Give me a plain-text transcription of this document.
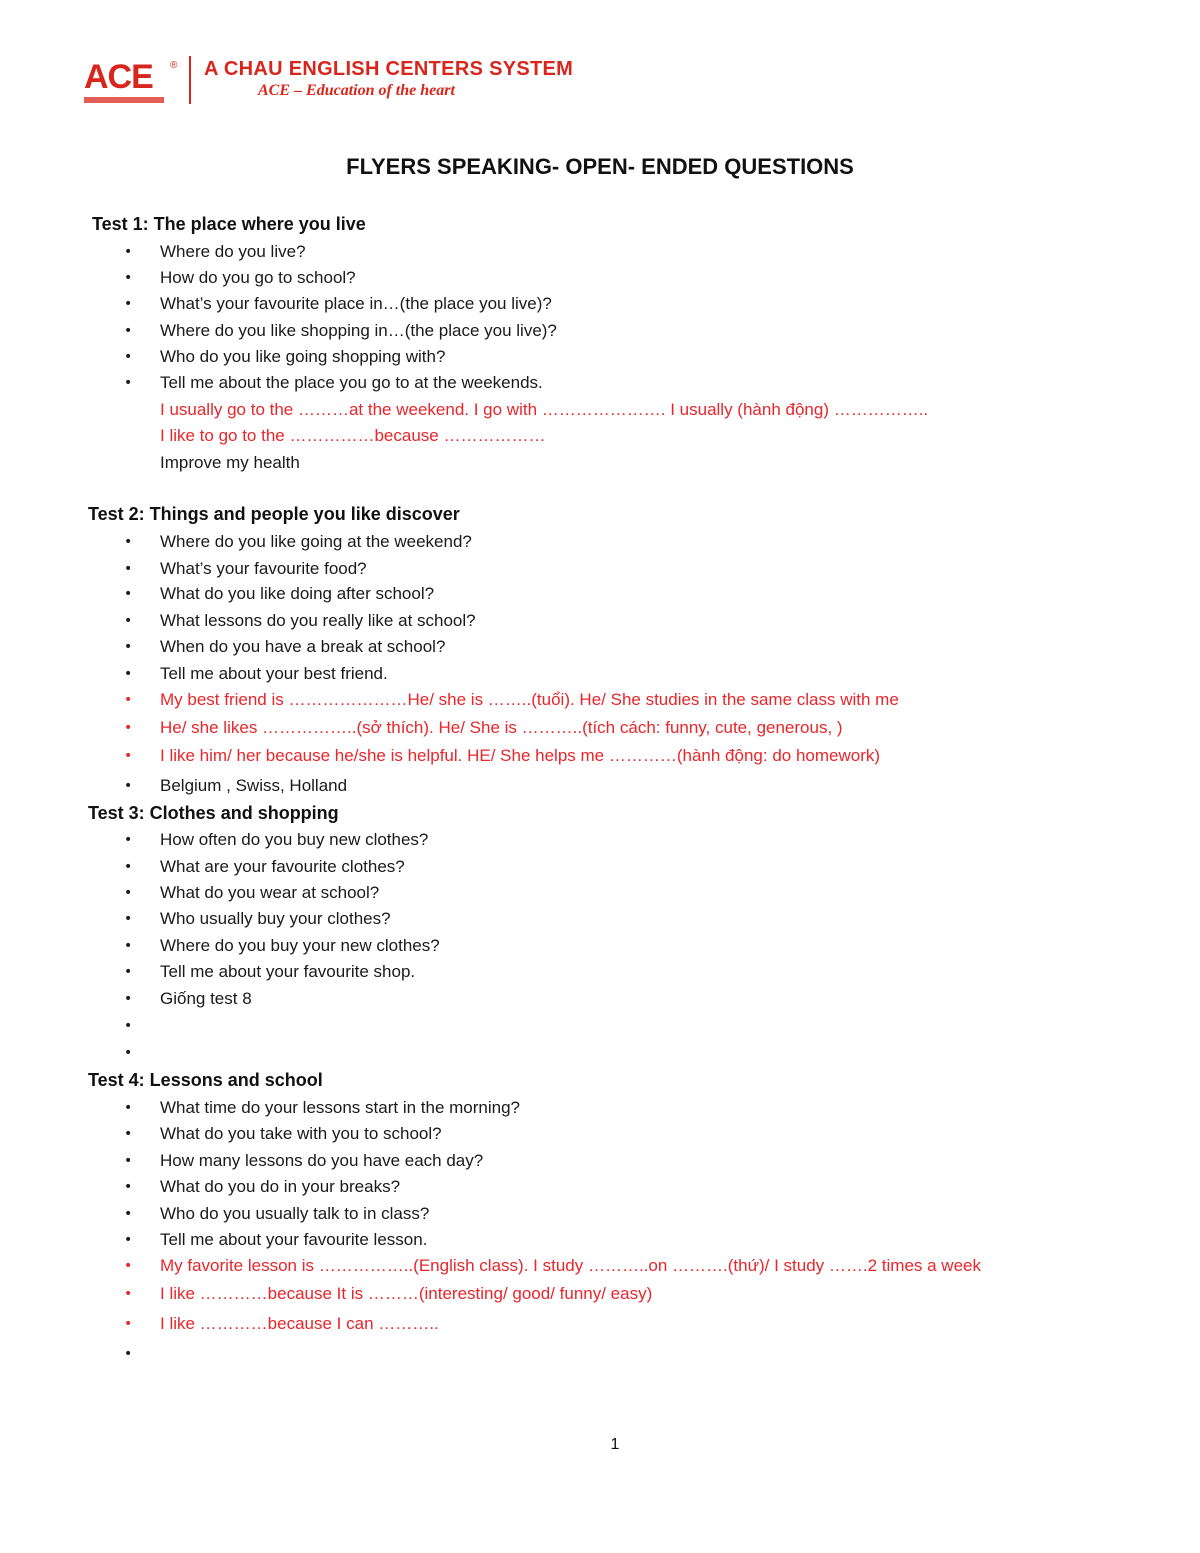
ACE ® A CHAU ENGLISH CENTERS SYSTEM
ACE – Education of the heart
FLYERS SPEAKING- OPEN- ENDED QUESTIONS
Test 1: The place where you live
• Where do you live?
• How do you go to school?
• What’s your favourite place in…(the place you live)?
• Where do you like shopping in…(the place you live)?
• Who do you like going shopping with?
• Tell me about the place you go to at the weekends.
I usually go to the ………at the weekend. I go with …………………. I usually (hành động) ……………..
I like to go to the ……………because ………………
Improve my health
Test 2: Things and people you like discover
• Where do you like going at the weekend?
• What’s your favourite food?
• What do you like doing after school?
• What lessons do you really like at school?
• When do you have a break at school?
• Tell me about your best friend.
• My best friend is …………………He/ she is ……..(tuổi). He/ She studies in the same class with me
• He/ she likes ……………..(sở thích). He/ She is ………..(tích cách: funny, cute, generous, )
• I like him/ her because he/she is helpful. HE/ She helps me …………(hành động: do homework)
• Belgium , Swiss, Holland
Test 3: Clothes and shopping
• How often do you buy new clothes?
• What are your favourite clothes?
• What do you wear at school?
• Who usually buy your clothes?
• Where do you buy your new clothes?
• Tell me about your favourite shop.
• Giống test 8
•
•
Test 4: Lessons and school
• What time do your lessons start in the morning?
• What do you take with you to school?
• How many lessons do you have each day?
• What do you do in your breaks?
• Who do you usually talk to in class?
• Tell me about your favourite lesson.
• My favorite lesson is ……………..(English class). I study ………..on ……….(thứ)/ I study …….2 times a week
• I like …………because It is ………(interesting/ good/ funny/ easy)
• I like …………because I can ………..
•
1
